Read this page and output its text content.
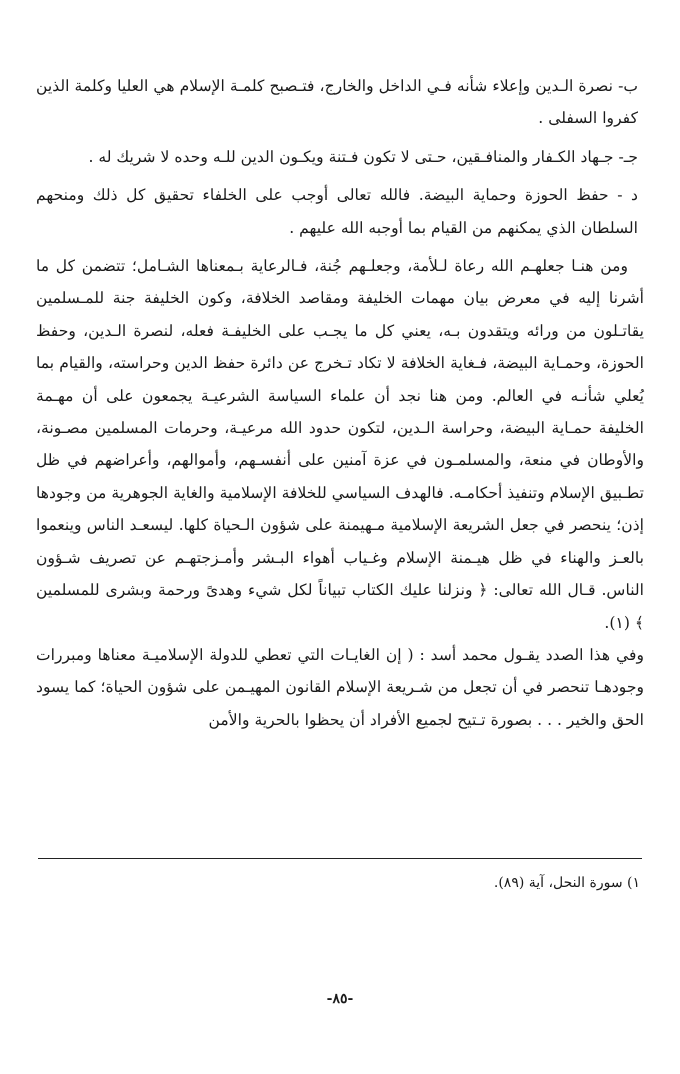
ب- نصرة الـدين وإعلاء شأنه فـي الداخل والخارج، فتـصبح كلمـة الإسلام هي العليا وكلمة الذين كفروا السفلى .
جـ- جـهاد الكـفار والمنافـقين، حـتى لا تكون فـتنة ويكـون الدين للـه وحده لا شريك له .
د - حفظ الحوزة وحماية البيضة. فالله تعالى أوجب على الخلفاء تحقيق كل ذلك ومنحهم السلطان الذي يمكنهم من القيام بما أوجبه الله عليهم .

ومن هنـا جعلهـم الله رعاة لـلأمة، وجعلـهم جُنة، فـالرعاية بـمعناها الشـامل؛ تتضمن كل ما أشرنا إليه في معرض بيان مهمات الخليفة ومقاصد الخلافة، وكون الخليفة جنة للمـسلمين يقاتـلون من ورائه ويتقدون بـه، يعني كل ما يجـب على الخليفـة فعله، لنصرة الـدين، وحفظ الحوزة، وحمـاية البيضة، فـغاية الخلافة لا تكاد تـخرج عن دائرة حفظ الدين وحراسته، والقيام بما يُعلي شأنـه في العالم. ومن هنا نجد أن علماء السياسة الشرعيـة يجمعون على أن مهـمة الخليفة حمـاية البيضة، وحراسة الـدين، لتكون حدود الله مرعيـة، وحرمات المسلمين مصـونة، والأوطان في منعة، والمسلمـون في عزة آمنين على أنفسـهم، وأموالهم، وأعراضهم في ظل تطـبيق الإسلام وتنفيذ أحكامـه. فالهدف السياسي للخلافة الإسلامية والغاية الجوهرية من وجودها إذن؛ ينحصر في جعل الشريعة الإسلامية مـهيمنة على شؤون الـحياة كلها. ليسعـد الناس وينعموا بالعـز والهناء في ظل هيـمنة الإسلام وغـياب أهواء البـشر وأمـزجتهـم عن تصريف شـؤون الناس. قـال الله تعالى: ﴿ ونزلنا عليك الكتاب تبياناً لكل شيء وهدىً ورحمة وبشرى للمسلمين ﴾ (١).

وفي هذا الصدد يقـول محمد أسد : ( إن الغايـات التي تعطي للدولة الإسلاميـة معناها ومبررات وجودهـا تنحصر في أن تجعل من شـريعة الإسلام القانون المهيـمن على شؤون الحياة؛ كما يسود الحق والخير . . . بصورة تـتيح لجميع الأفراد أن يحظوا بالحرية والأمن

١) سورة النحل، آية (٨٩).
-٨٥-
